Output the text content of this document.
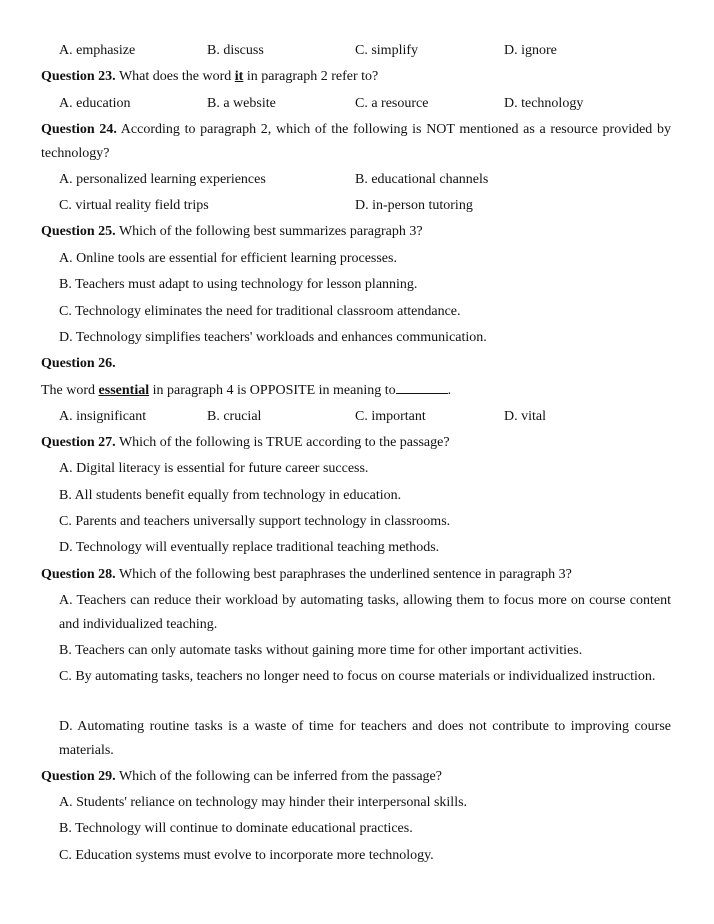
A. emphasize	B. discuss	C. simplify	D. ignore
Question 23. What does the word it in paragraph 2 refer to?
A. education	B. a website	C. a resource	D. technology
Question 24. According to paragraph 2, which of the following is NOT mentioned as a resource provided by technology?
A. personalized learning experiences	B. educational channels
C. virtual reality field trips	D. in-person tutoring
Question 25. Which of the following best summarizes paragraph 3?
A. Online tools are essential for efficient learning processes.
B. Teachers must adapt to using technology for lesson planning.
C. Technology eliminates the need for traditional classroom attendance.
D. Technology simplifies teachers' workloads and enhances communication.
Question 26.
The word essential in paragraph 4 is OPPOSITE in meaning to	.
A. insignificant	B. crucial	C. important	D. vital
Question 27. Which of the following is TRUE according to the passage?
A. Digital literacy is essential for future career success.
B. All students benefit equally from technology in education.
C. Parents and teachers universally support technology in classrooms.
D. Technology will eventually replace traditional teaching methods.
Question 28. Which of the following best paraphrases the underlined sentence in paragraph 3?
A. Teachers can reduce their workload by automating tasks, allowing them to focus more on course content and individualized teaching.
B. Teachers can only automate tasks without gaining more time for other important activities.
C. By automating tasks, teachers no longer need to focus on course materials or individualized instruction.
D. Automating routine tasks is a waste of time for teachers and does not contribute to improving course materials.
Question 29. Which of the following can be inferred from the passage?
A. Students' reliance on technology may hinder their interpersonal skills.
B. Technology will continue to dominate educational practices.
C. Education systems must evolve to incorporate more technology.
